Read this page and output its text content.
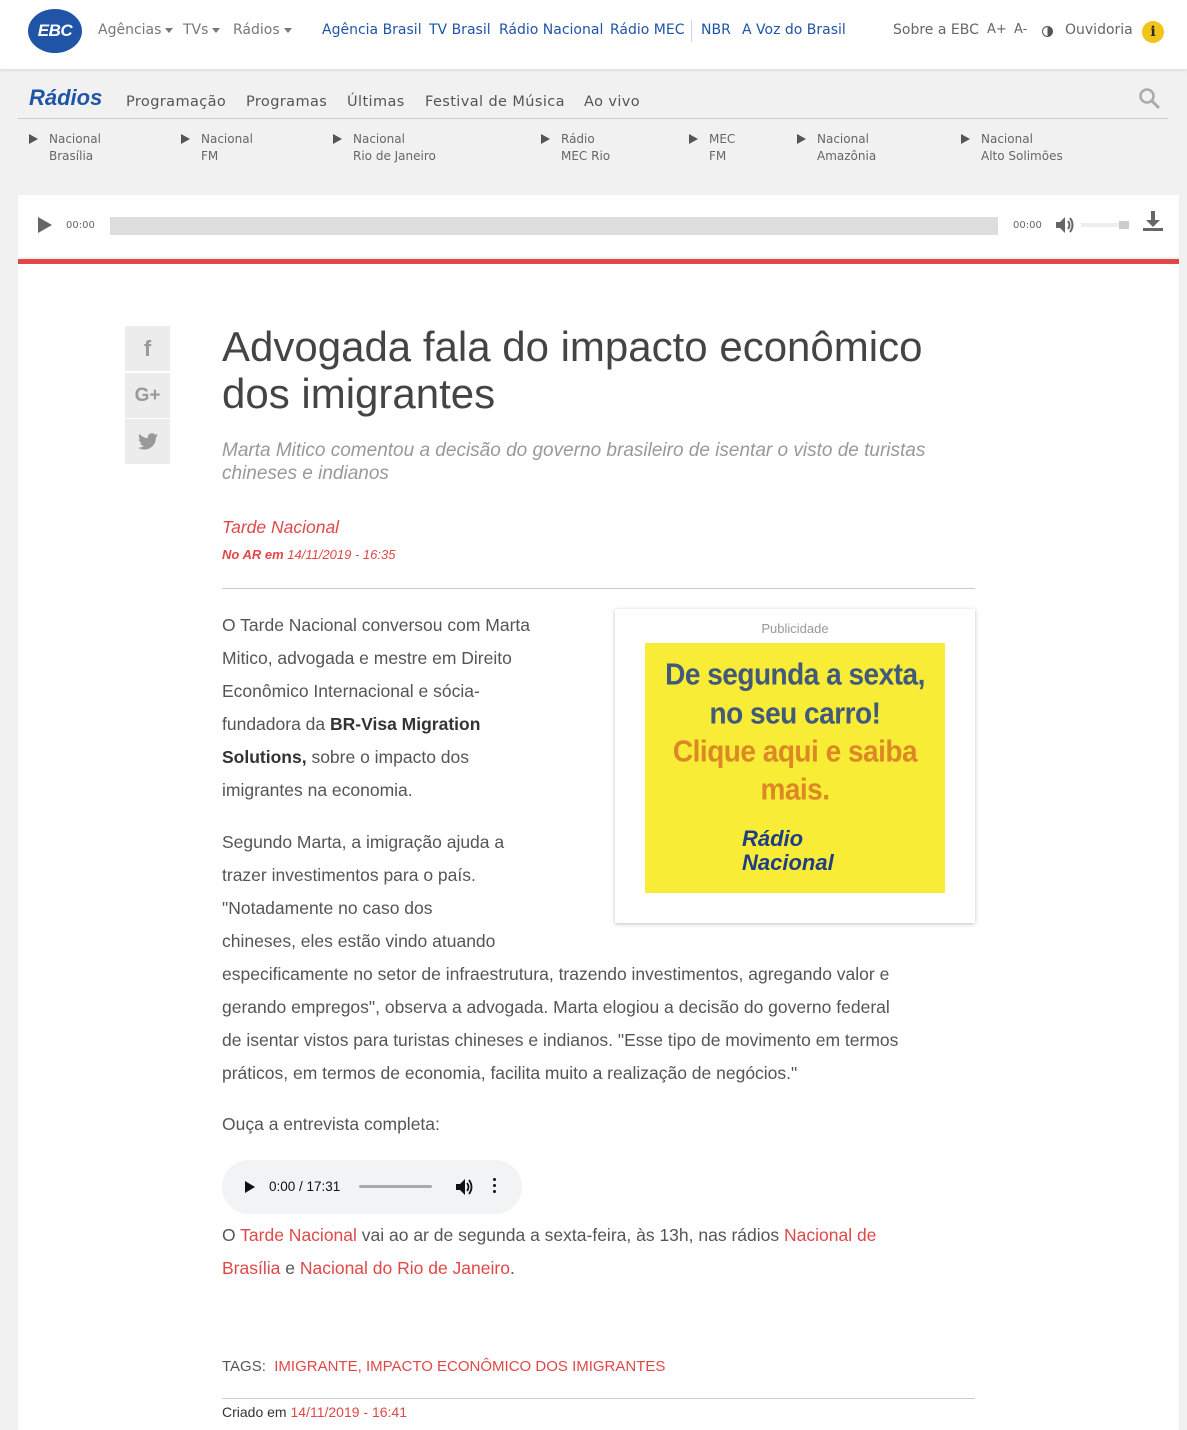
EBC	Agências	TVs	Rádios	Agência Brasil TV Brasil Rádio Nacional Rádio MEC NBR A Voz do Brasil	Sobre a EBC A+ A-	Ouvidoria	i
Rádios Programação Programas Últimas Festival de Música Ao vivo
Nacional
Brasília
Nacional
FM
Nacional
Rio de Janeiro
Rádio
MEC Rio
MEC
FM
Nacional
Amazônia
Nacional
Alto Solimões
00:00	00:00
f
G+
Advogada fala do impacto econômico dos imigrantes
Marta Mitico comentou a decisão do governo brasileiro de isentar o visto de turistas chineses e indianos
Tarde Nacional
No AR em 14/11/2019 - 16:35
O Tarde Nacional conversou com Marta
Mitico, advogada e mestre em Direito
Econômico Internacional e sócia-
fundadora da BR-Visa Migration
Solutions, sobre o impacto dos
imigrantes na economia.
Segundo Marta, a imigração ajuda a
trazer investimentos para o país.
"Notadamente no caso dos
chineses, eles estão vindo atuando
especificamente no setor de infraestrutura, trazendo investimentos, agregando valor e
gerando empregos", observa a advogada. Marta elogiou a decisão do governo federal
de isentar vistos para turistas chineses e indianos. "Esse tipo de movimento em termos
práticos, em termos de economia, facilita muito a realização de negócios."
Publicidade
De segunda a sexta,
no seu carro!
Clique aqui e saiba
mais.
Rádio
Nacional
Ouça a entrevista completa:
0:00 / 17:31
O Tarde Nacional vai ao ar de segunda a sexta-feira, às 13h, nas rádios Nacional de
Brasília e Nacional do Rio de Janeiro.
TAGS: IMIGRANTE, IMPACTO ECONÔMICO DOS IMIGRANTES
Criado em 14/11/2019 - 16:41
